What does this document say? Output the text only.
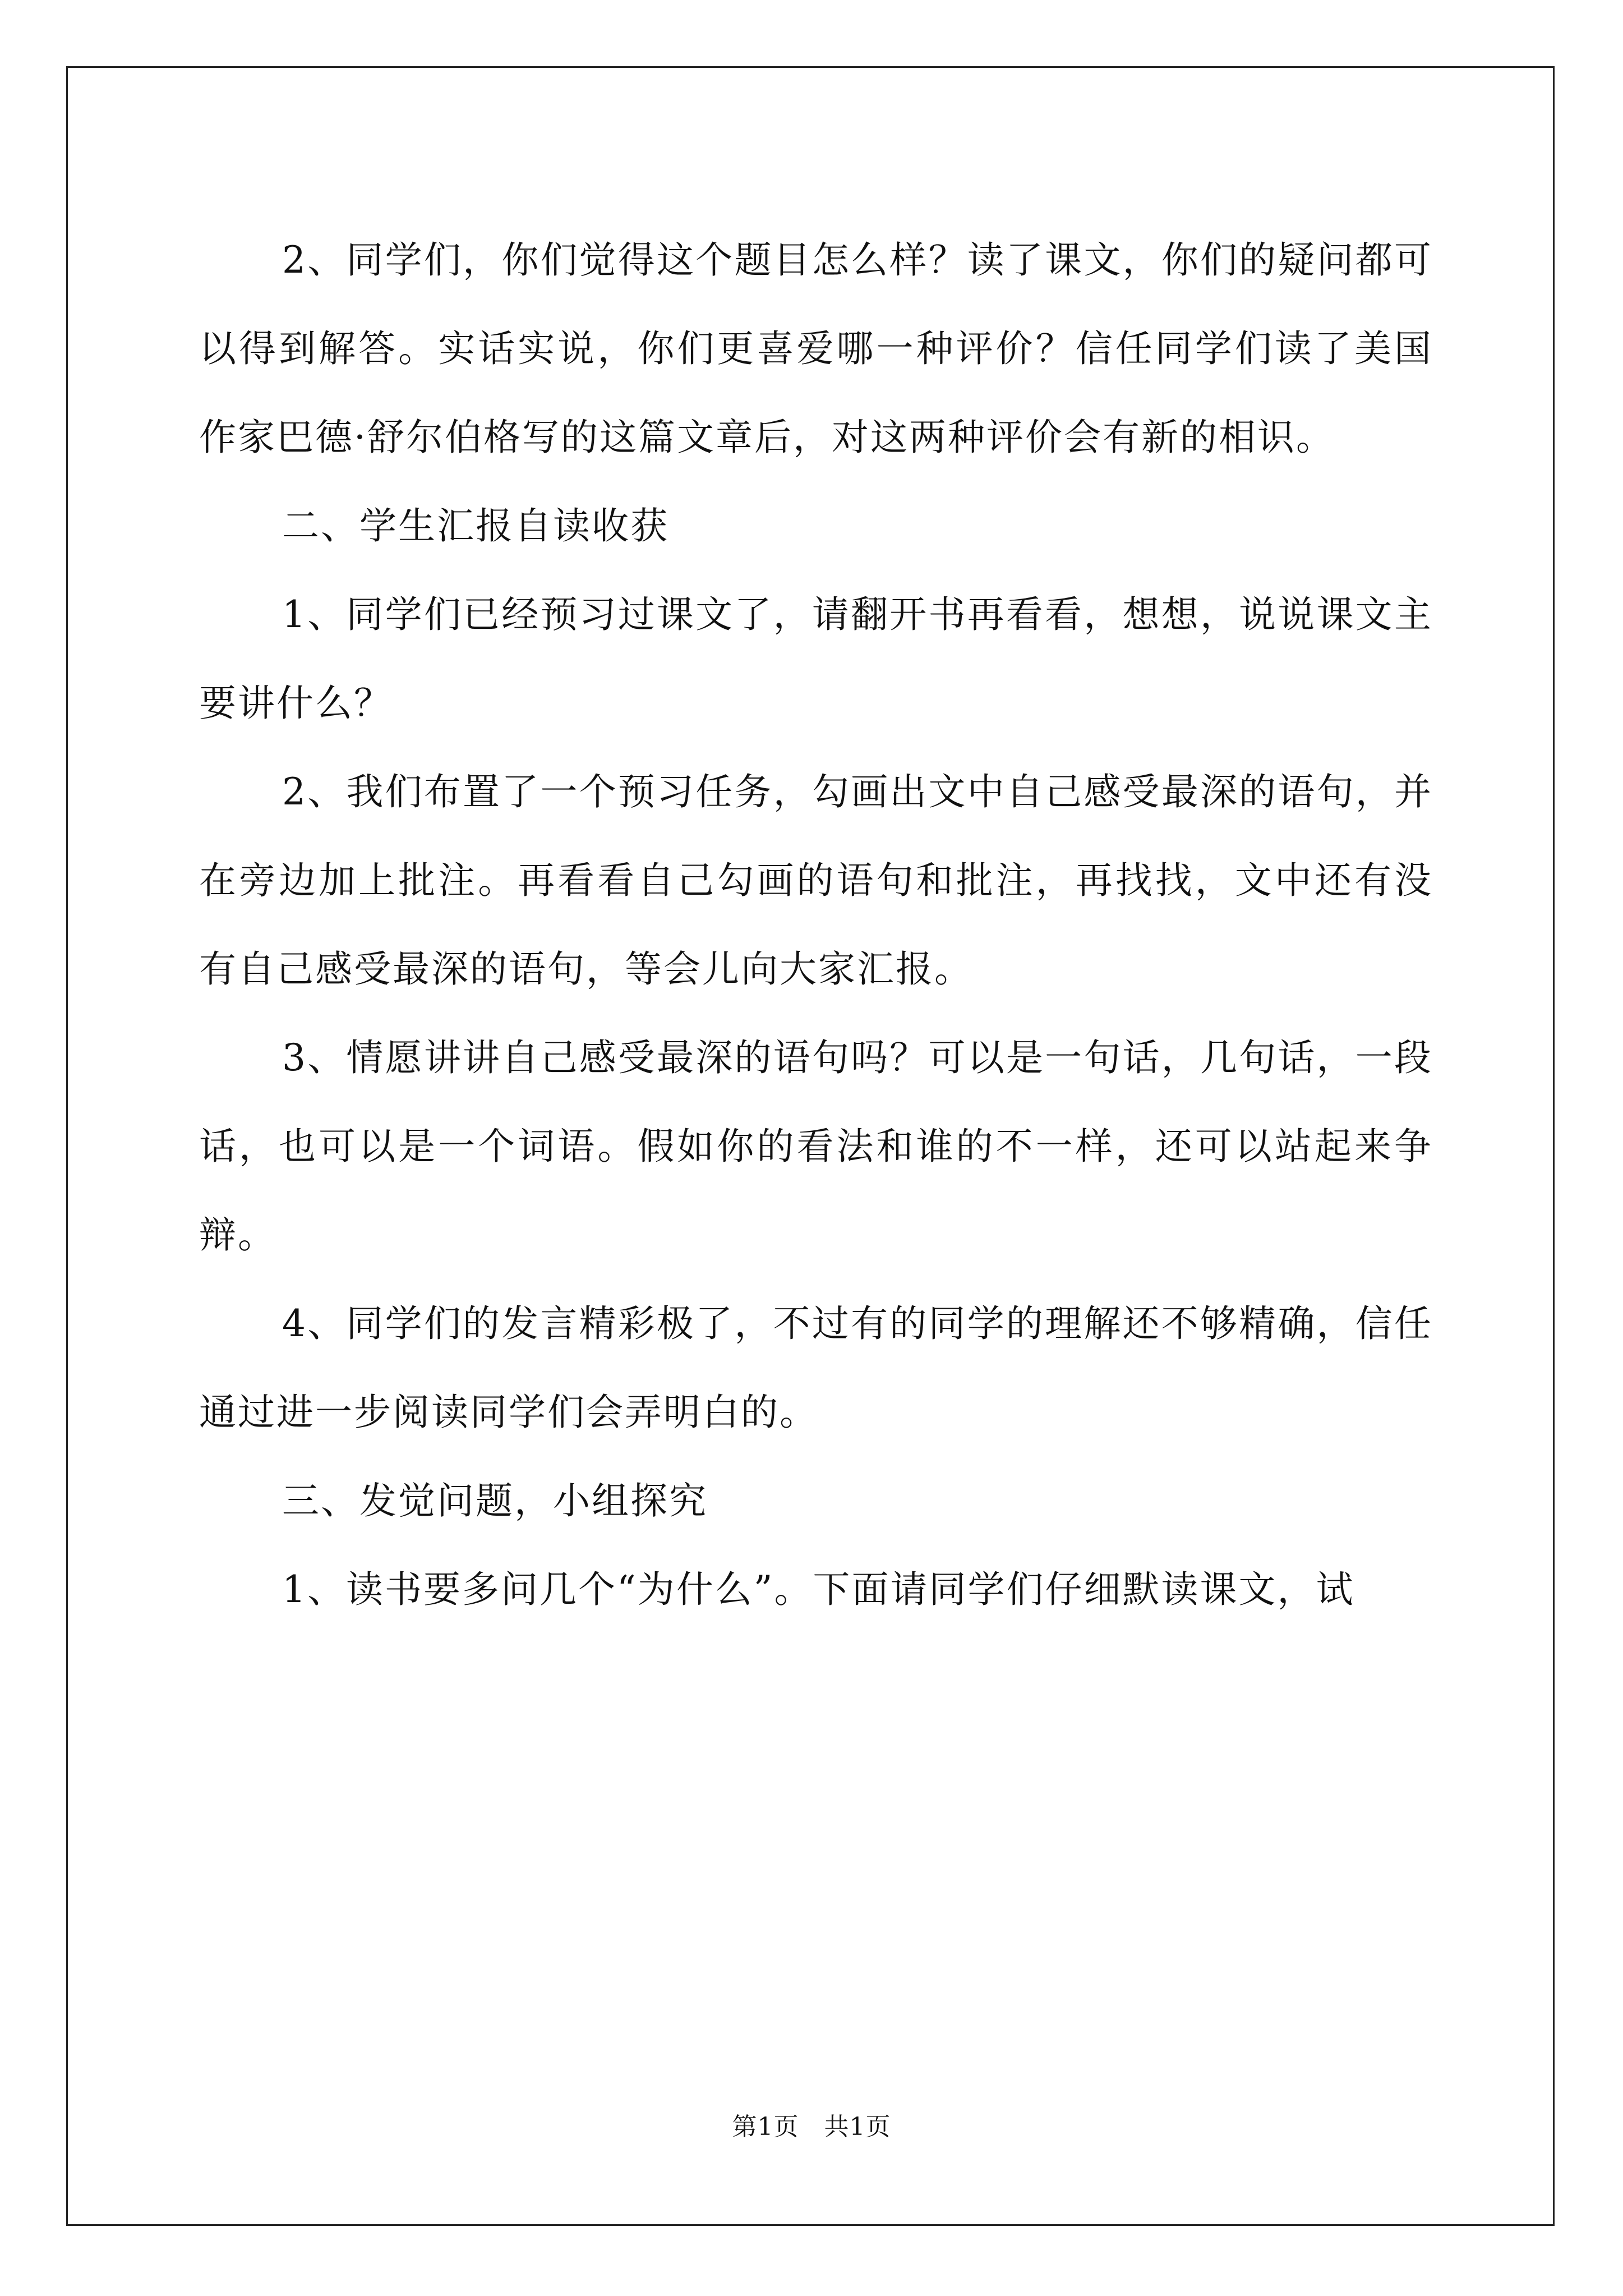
2、同学们，你们觉得这个题目怎么样？读了课文，你们的疑问都可以得到解答。实话实说，你们更喜爱哪一种评价？信任同学们读了美国作家巴德·舒尔伯格写的这篇文章后，对这两种评价会有新的相识。

二、学生汇报自读收获

1、同学们已经预习过课文了，请翻开书再看看，想想，说说课文主要讲什么？

2、我们布置了一个预习任务，勾画出文中自己感受最深的语句，并在旁边加上批注。再看看自己勾画的语句和批注，再找找，文中还有没有自己感受最深的语句，等会儿向大家汇报。

3、情愿讲讲自己感受最深的语句吗？可以是一句话，几句话，一段话，也可以是一个词语。假如你的看法和谁的不一样，还可以站起来争辩。

4、同学们的发言精彩极了，不过有的同学的理解还不够精确，信任通过进一步阅读同学们会弄明白的。

三、发觉问题，小组探究

1、读书要多问几个“为什么”。下面请同学们仔细默读课文，试

第1页　共1页
